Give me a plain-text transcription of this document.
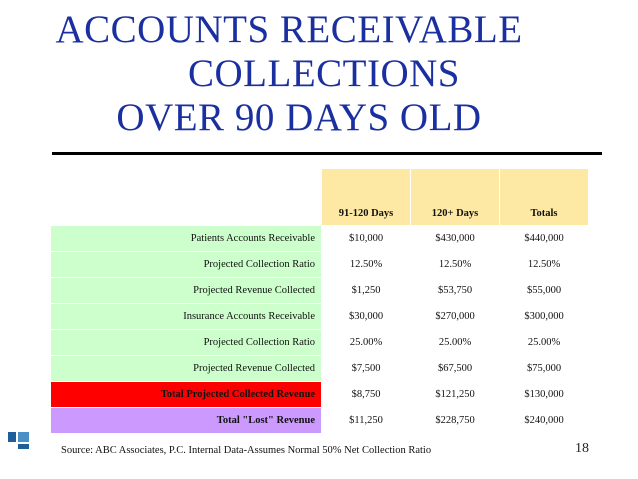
ACCOUNTS RECEIVABLE
COLLECTIONS
OVER 90 DAYS OLD
	91-120 Days	120+ Days	Totals
Patients Accounts Receivable	$10,000	$430,000	$440,000
Projected Collection Ratio	12.50%	12.50%	12.50%
Projected Revenue Collected	$1,250	$53,750	$55,000
Insurance Accounts Receivable	$30,000	$270,000	$300,000
Projected Collection Ratio	25.00%	25.00%	25.00%
Projected Revenue Collected	$7,500	$67,500	$75,000
Total Projected Collected Revenue	$8,750	$121,250	$130,000
Total "Lost" Revenue	$11,250	$228,750	$240,000
Source: ABC Associates, P.C. Internal Data-Assumes Normal 50% Net Collection Ratio	18
